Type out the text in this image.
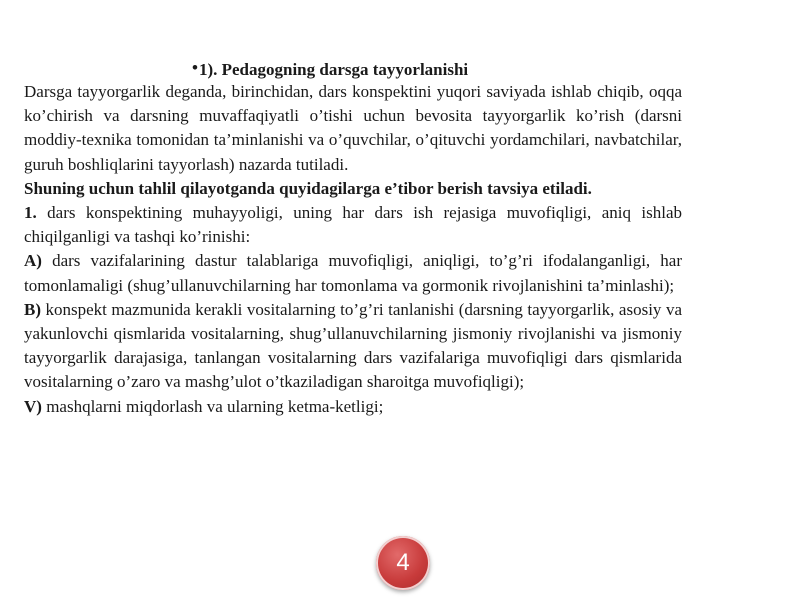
•1). Pedagogning darsga tayyorlanishi

Darsga tayyorgarlik deganda, birinchidan, dars konspektini yuqori saviyada ishlab chiqib, oqqa ko’chirish va darsning muvaffaqiyatli o’tishi uchun bevosita tayyorgarlik ko’rish (darsni moddiy-texnika tomonidan ta’minlanishi va o’quvchilar, o’qituvchi yordamchilari, navbatchilar, guruh boshliqlarini tayyorlash) nazarda tutiladi.

Shuning uchun tahlil qilayotganda quyidagilarga e’tibor berish tavsiya etiladi.

1. dars konspektining muhayyoligi, uning har dars ish rejasiga muvofiqligi, aniq ishlab chiqilganligi va tashqi ko’rinishi:

A) dars vazifalarining dastur talablariga muvofiqligi, aniqligi, to’g’ri ifodalanganligi, har tomonlamaligi (shug’ullanuvchilarning har tomonlama va gormonik rivojlanishini ta’minlashi);

B) konspekt mazmunida kerakli vositalarning to’g’ri tanlanishi (darsning tayyorgarlik, asosiy va yakunlovchi qismlarida vositalarning, shug’ullanuvchilarning jismoniy rivojlanishi va jismoniy tayyorgarlik darajasiga, tanlangan vositalarning dars vazifalariga muvofiqligi dars qismlarida vositalarning o’zaro va mashg’ulot o’tkaziladigan sharoitga muvofiqligi);

V) mashqlarni miqdorlash va ularning ketma-ketligi;

4
